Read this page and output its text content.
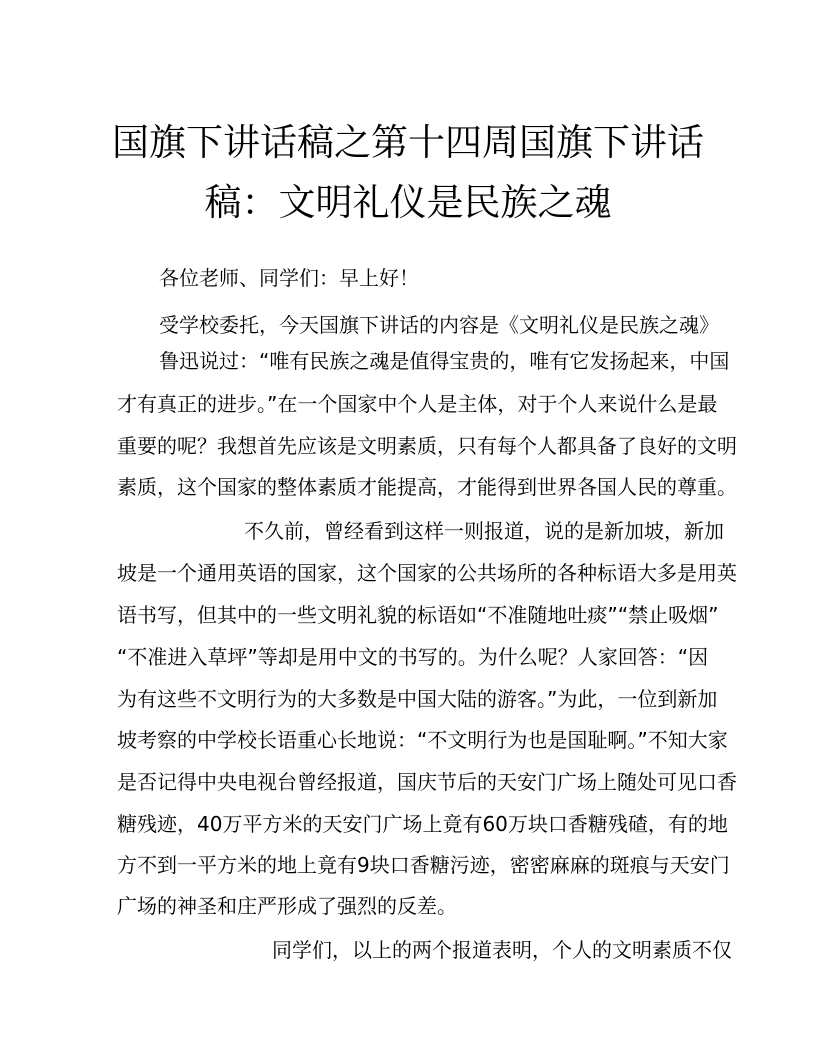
国旗下讲话稿之第十四周国旗下讲话
稿：文明礼仪是民族之魂
各位老师、同学们：早上好！
受学校委托，今天国旗下讲话的内容是《文明礼仪是民族之魂》
鲁迅说过：“唯有民族之魂是值得宝贵的，唯有它发扬起来，中国
才有真正的进步。”在一个国家中个人是主体，对于个人来说什么是最
重要的呢？我想首先应该是文明素质，只有每个人都具备了良好的文明
素质，这个国家的整体素质才能提高，才能得到世界各国人民的尊重。
不久前，曾经看到这样一则报道，说的是新加坡，新加
坡是一个通用英语的国家，这个国家的公共场所的各种标语大多是用英
语书写，但其中的一些文明礼貌的标语如“不准随地吐痰”“禁止吸烟”
“不准进入草坪”等却是用中文的书写的。为什么呢？人家回答：“因
为有这些不文明行为的大多数是中国大陆的游客。”为此，一位到新加
坡考察的中学校长语重心长地说：“不文明行为也是国耻啊。”不知大家
是否记得中央电视台曾经报道，国庆节后的天安门广场上随处可见口香
糖残迹，40万平方米的天安门广场上竟有60万块口香糖残碴，有的地
方不到一平方米的地上竟有9块口香糖污迹，密密麻麻的斑痕与天安门
广场的神圣和庄严形成了强烈的反差。
同学们，以上的两个报道表明，个人的文明素质不仅
